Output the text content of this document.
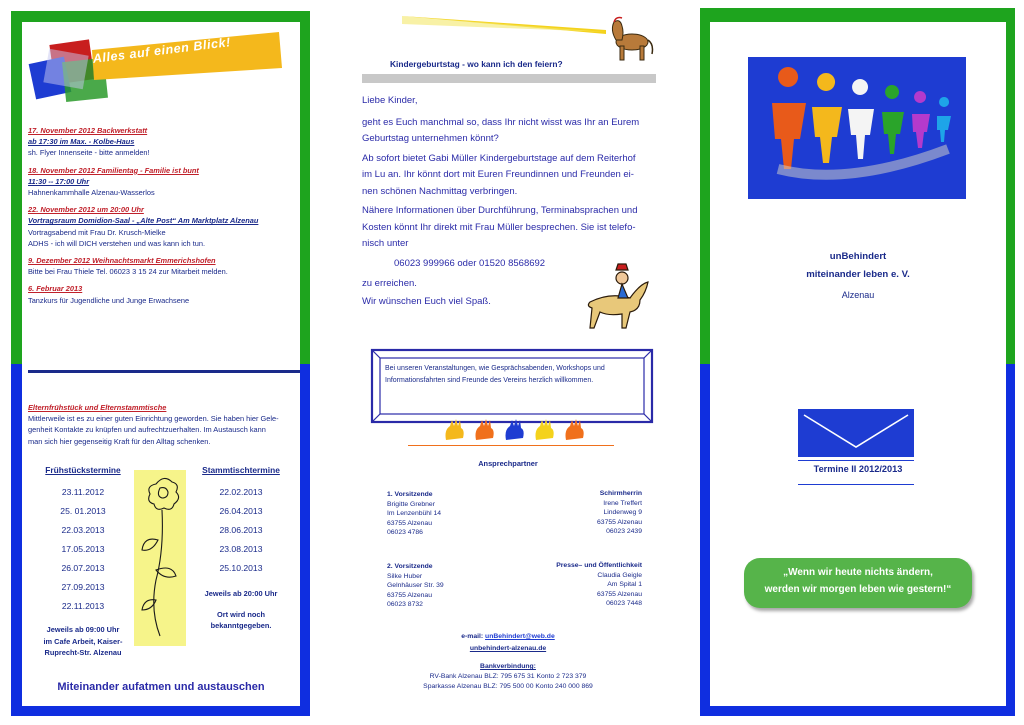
Alles auf einen Blick!
17. November 2012 Backwerkstatt
ab 17:30 im Max. - Kolbe-Haus
sh. Flyer Innenseite - bitte anmelden!
18. November 2012 Familientag - Familie ist bunt
11:30 -- 17:00 Uhr
Hahnenkammhalle Alzenau-Wasserlos
22. November 2012 um 20:00 Uhr
Vortragsraum Domidion-Saal - „Alte Post“ Am Marktplatz Alzenau
Vortragsabend mit Frau Dr. Krusch-Mielke
ADHS - ich will DICH verstehen und was kann ich tun.
9. Dezember 2012 Weihnachtsmarkt Emmerichshofen
Bitte bei Frau Thiele Tel. 06023 3 15 24 zur Mitarbeit melden.
6. Februar 2013
Tanzkurs für Jugendliche und Junge Erwachsene
Elternfrühstück und Elternstammtische
Mittlerweile ist es zu einer guten Einrichtung geworden. Sie haben hier Gele-
genheit Kontakte zu knüpfen und aufrechtzuerhalten. Im Austausch kann
man sich hier gegenseitig Kraft für den Alltag schenken.
Frühstückstermine
23.11.2012
25. 01.2013
22.03.2013
17.05.2013
26.07.2013
27.09.2013
22.11.2013
Jeweils ab 09:00 Uhr
im Cafe Arbeit, Kaiser-
Ruprecht-Str. Alzenau
Stammtischtermine
22.02.2013
26.04.2013
28.06.2013
23.08.2013
25.10.2013
Jeweils ab 20:00 Uhr
Ort wird noch
bekanntgegeben.
Miteinander aufatmen und austauschen
Kindergeburtstag - wo kann ich den feiern?
Liebe Kinder,
geht es Euch manchmal so, dass Ihr nicht wisst was Ihr an Eurem
Geburtstag unternehmen könnt?
Ab sofort bietet Gabi Müller Kindergeburtstage auf dem Reiterhof
im Lu an. Ihr könnt dort mit Euren Freundinnen und Freunden ei-
nen schönen Nachmittag verbringen.
Nähere Informationen über Durchführung, Terminabsprachen und
Kosten könnt Ihr direkt mit Frau Müller besprechen. Sie ist telefo-
nisch unter
06023 999966 oder 01520 8568692
zu erreichen.
Wir wünschen Euch viel Spaß.
Bei unseren Veranstaltungen, wie Gesprächsabenden, Workshops und
Informationsfahrten sind Freunde des Vereins herzlich willkommen.
Ansprechpartner
1. Vorsitzende
Brigitte Grebner
Im Lenzenbühl 14
63755 Alzenau
06023 4786
Schirmherrin
Irene Treffert
Lindenweg 9
63755 Alzenau
06023 2439
2. Vorsitzende
Silke Huber
Gelnhäuser Str. 39
63755 Alzenau
06023 8732
Presse– und Öffentlichkeit
Claudia Geigle
Am Spital 1
63755 Alzenau
06023 7448
e-mail: unBehindert@web.de
unbehindert-alzenau.de
Bankverbindung:
RV-Bank Alzenau BLZ: 795 675 31 Konto 2 723 379
Sparkasse Alzenau BLZ: 795 500 00 Konto 240 000 869
unBehindert
miteinander leben e. V.
Alzenau
Termine II 2012/2013
„Wenn wir heute nichts ändern,
werden wir morgen leben wie gestern!“
